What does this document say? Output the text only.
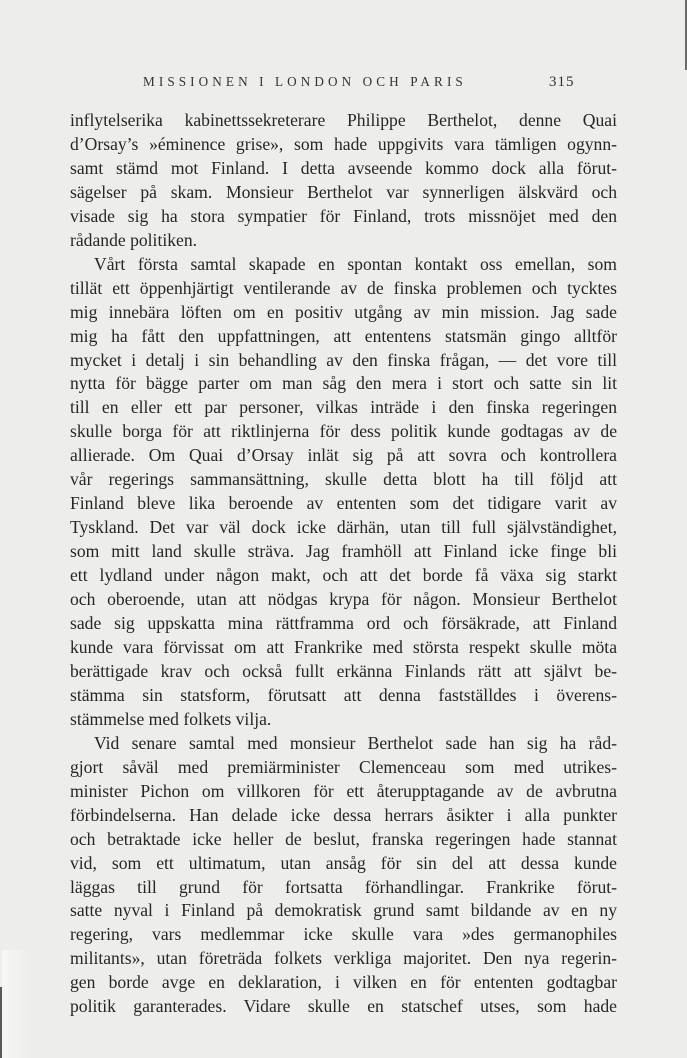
MISSIONEN I LONDON OCH PARIS	315

inflytelserika kabinettssekreterare Philippe Berthelot, denne Quai
d’Orsay’s »éminence grise», som hade uppgivits vara tämligen ogynn-
samt stämd mot Finland. I detta avseende kommo dock alla förut-
sägelser på skam. Monsieur Berthelot var synnerligen älskvärd och
visade sig ha stora sympatier för Finland, trots missnöjet med den
rådande politiken.

Vårt första samtal skapade en spontan kontakt oss emellan, som
tillät ett öppenhjärtigt ventilerande av de finska problemen och tycktes
mig innebära löften om en positiv utgång av min mission. Jag sade
mig ha fått den uppfattningen, att ententens statsmän gingo alltför
mycket i detalj i sin behandling av den finska frågan, — det vore till
nytta för bägge parter om man såg den mera i stort och satte sin lit
till en eller ett par personer, vilkas inträde i den finska regeringen
skulle borga för att riktlinjerna för dess politik kunde godtagas av de
allierade. Om Quai d’Orsay inlät sig på att sovra och kontrollera
vår regerings sammansättning, skulle detta blott ha till följd att
Finland bleve lika beroende av ententen som det tidigare varit av
Tyskland. Det var väl dock icke därhän, utan till full självständighet,
som mitt land skulle sträva. Jag framhöll att Finland icke finge bli
ett lydland under någon makt, och att det borde få växa sig starkt
och oberoende, utan att nödgas krypa för någon. Monsieur Berthelot
sade sig uppskatta mina rättframma ord och försäkrade, att Finland
kunde vara förvissat om att Frankrike med största respekt skulle möta
berättigade krav och också fullt erkänna Finlands rätt att självt be-
stämma sin statsform, förutsatt att denna fastställdes i överens-
stämmelse med folkets vilja.

Vid senare samtal med monsieur Berthelot sade han sig ha råd-
gjort såväl med premiärminister Clemenceau som med utrikes-
minister Pichon om villkoren för ett återupptagande av de avbrutna
förbindelserna. Han delade icke dessa herrars åsikter i alla punkter
och betraktade icke heller de beslut, franska regeringen hade stannat
vid, som ett ultimatum, utan ansåg för sin del att dessa kunde
läggas till grund för fortsatta förhandlingar. Frankrike förut-
satte nyval i Finland på demokratisk grund samt bildande av en ny
regering, vars medlemmar icke skulle vara »des germanophiles
militants», utan företräda folkets verkliga majoritet. Den nya regerin-
gen borde avge en deklaration, i vilken en för ententen godtagbar
politik garanterades. Vidare skulle en statschef utses, som hade
